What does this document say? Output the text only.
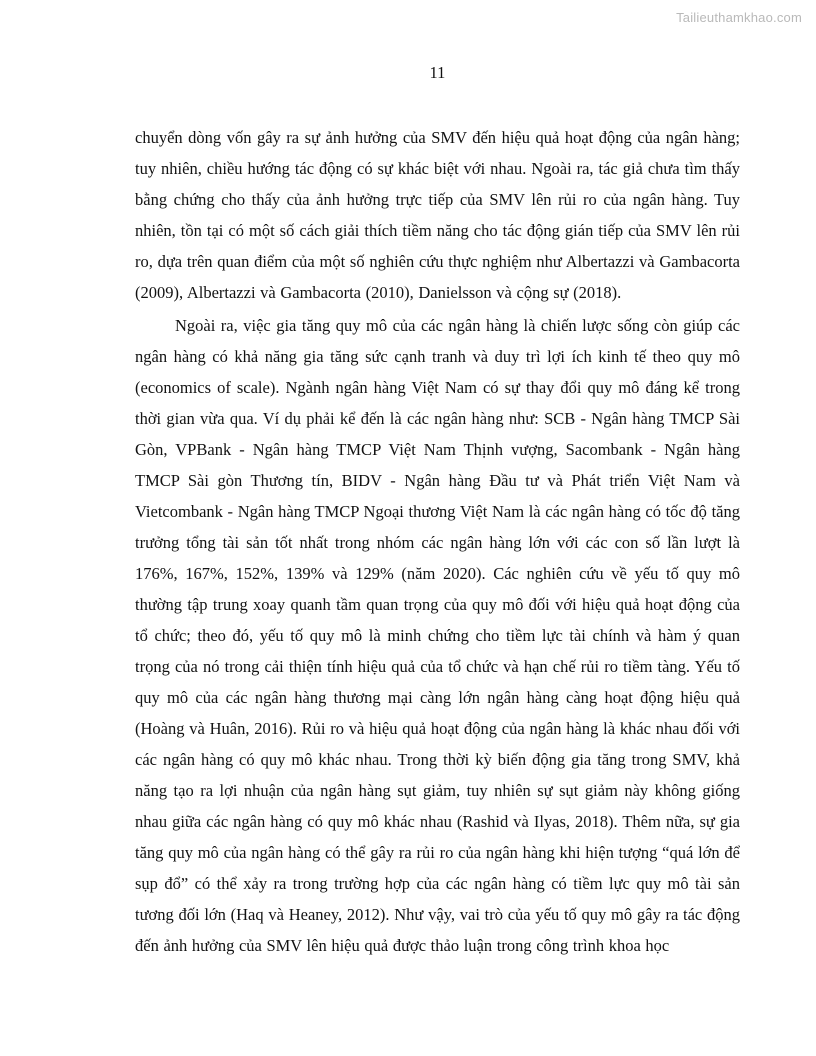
Tailieuthamkhao.com
11

chuyển dòng vốn gây ra sự ảnh hưởng của SMV đến hiệu quả hoạt động của ngân hàng; tuy nhiên, chiều hướng tác động có sự khác biệt với nhau. Ngoài ra, tác giả chưa tìm thấy bằng chứng cho thấy của ảnh hưởng trực tiếp của SMV lên rủi ro của ngân hàng. Tuy nhiên, tồn tại có một số cách giải thích tiềm năng cho tác động gián tiếp của SMV lên rủi ro, dựa trên quan điểm của một số nghiên cứu thực nghiệm như Albertazzi và Gambacorta (2009), Albertazzi và Gambacorta (2010), Danielsson và cộng sự (2018).

Ngoài ra, việc gia tăng quy mô của các ngân hàng là chiến lược sống còn giúp các ngân hàng có khả năng gia tăng sức cạnh tranh và duy trì lợi ích kinh tế theo quy mô (economics of scale). Ngành ngân hàng Việt Nam có sự thay đổi quy mô đáng kể trong thời gian vừa qua. Ví dụ phải kể đến là các ngân hàng như: SCB - Ngân hàng TMCP Sài Gòn, VPBank - Ngân hàng TMCP Việt Nam Thịnh vượng, Sacombank - Ngân hàng TMCP Sài gòn Thương tín, BIDV - Ngân hàng Đầu tư và Phát triển Việt Nam và Vietcombank - Ngân hàng TMCP Ngoại thương Việt Nam là các ngân hàng có tốc độ tăng trưởng tổng tài sản tốt nhất trong nhóm các ngân hàng lớn với các con số lần lượt là 176%, 167%, 152%, 139% và 129% (năm 2020). Các nghiên cứu về yếu tố quy mô thường tập trung xoay quanh tầm quan trọng của quy mô đối với hiệu quả hoạt động của tổ chức; theo đó, yếu tố quy mô là minh chứng cho tiềm lực tài chính và hàm ý quan trọng của nó trong cải thiện tính hiệu quả của tổ chức và hạn chế rủi ro tiềm tàng. Yếu tố quy mô của các ngân hàng thương mại càng lớn ngân hàng càng hoạt động hiệu quả (Hoàng và Huân, 2016). Rủi ro và hiệu quả hoạt động của ngân hàng là khác nhau đối với các ngân hàng có quy mô khác nhau. Trong thời kỳ biến động gia tăng trong SMV, khả năng tạo ra lợi nhuận của ngân hàng sụt giảm, tuy nhiên sự sụt giảm này không giống nhau giữa các ngân hàng có quy mô khác nhau (Rashid và Ilyas, 2018). Thêm nữa, sự gia tăng quy mô của ngân hàng có thể gây ra rủi ro của ngân hàng khi hiện tượng “quá lớn để sụp đổ” có thể xảy ra trong trường hợp của các ngân hàng có tiềm lực quy mô tài sản tương đối lớn (Haq và Heaney, 2012). Như vậy, vai trò của yếu tố quy mô gây ra tác động đến ảnh hưởng của SMV lên hiệu quả được thảo luận trong công trình khoa học
